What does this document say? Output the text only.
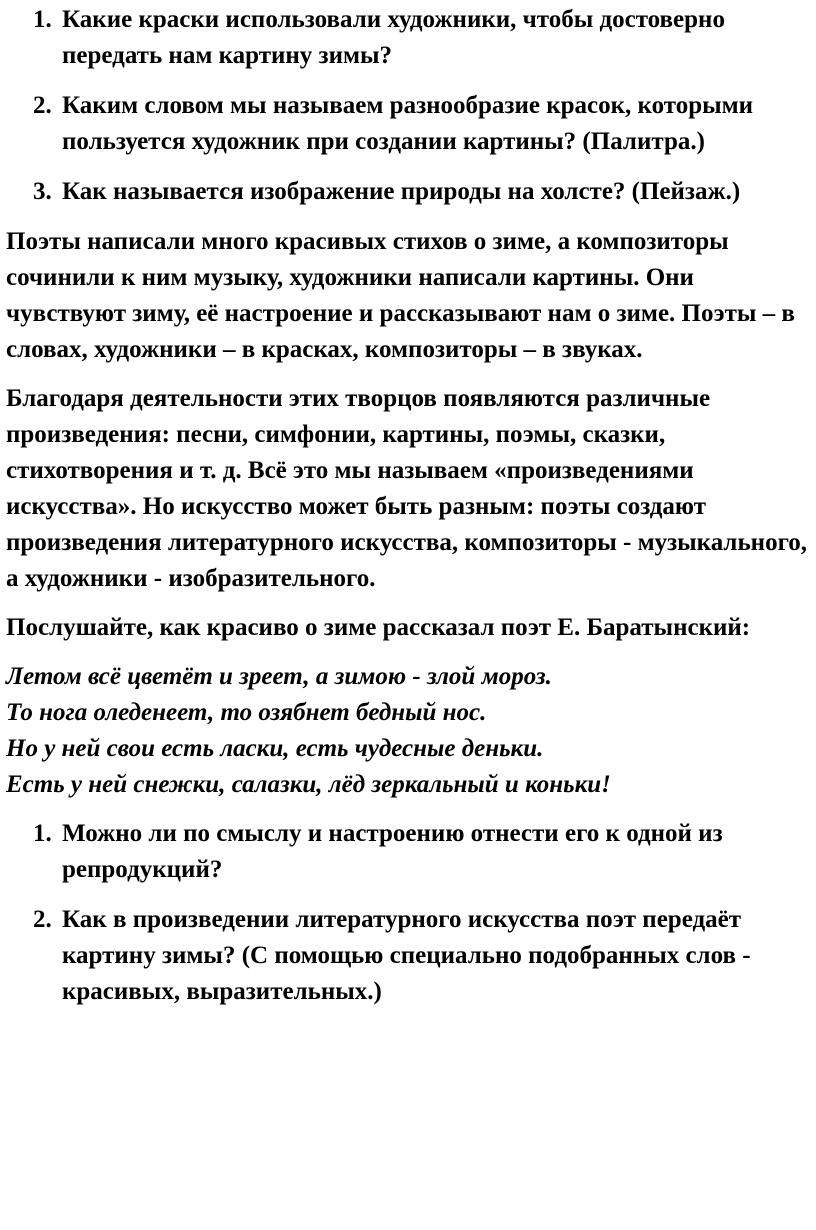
1. Какие краски использовали художники, чтобы достоверно передать нам картину зимы?
2. Каким словом мы называем разнообразие красок, которыми пользуется художник при создании картины? (Палитра.)
3. Как называется изображение природы на холсте? (Пейзаж.)

Поэты написали много красивых стихов о зиме, а композиторы сочинили к ним музыку, художники написали картины. Они чувствуют зиму, её настроение и рассказывают нам о зиме. Поэты – в словах, художники – в красках, композиторы – в звуках.

Благодаря деятельности этих творцов появляются различные произведения: песни, симфонии, картины, поэмы, сказки, стихотворения и т. д. Всё это мы называем «произведениями искусства». Но искусство может быть разным: поэты создают произведения литературного искусства, композиторы - музыкального, а художники - изобразительного.

Послушайте, как красиво о зиме рассказал поэт Е. Баратынский:

Летом всё цветёт и зреет, а зимою - злой мороз.
То нога оледенеет, то озябнет бедный нос.
Но у ней свои есть ласки, есть чудесные деньки.
Есть у ней снежки, салазки, лёд зеркальный и коньки!
1. Можно ли по смыслу и настроению отнести его к одной из репродукций?
2. Как в произведении литературного искусства поэт передаёт картину зимы? (С помощью специально подобранных слов - красивых, выразительных.)
